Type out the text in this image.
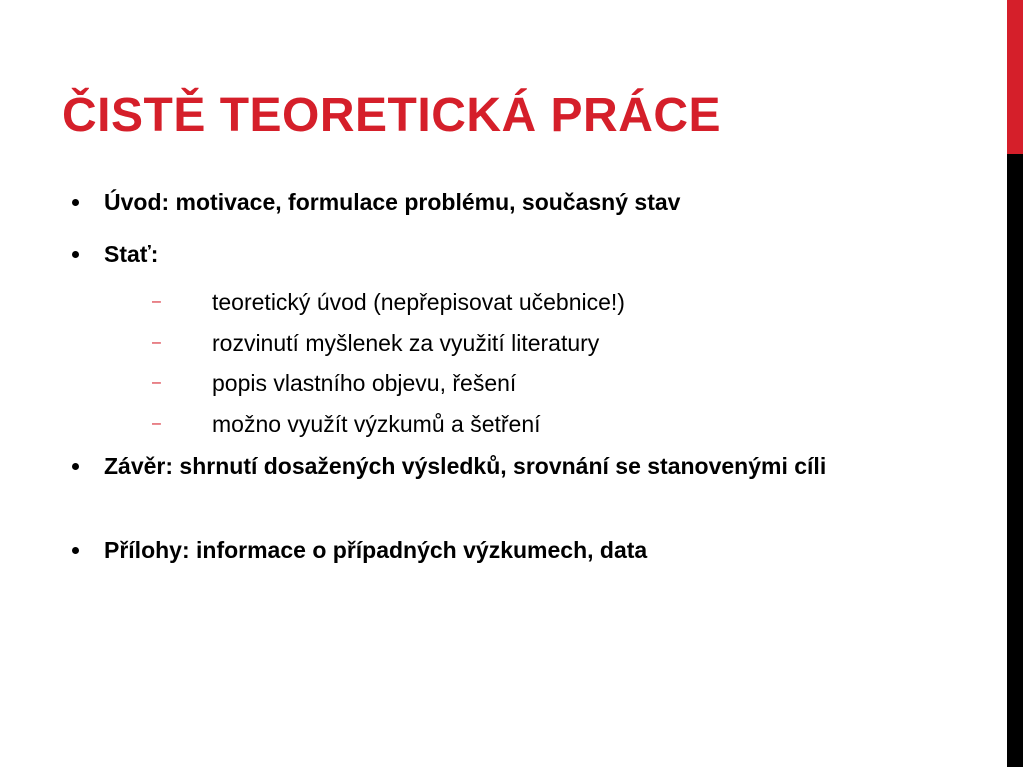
ČISTĚ TEORETICKÁ PRÁCE
Úvod: motivace, formulace problému, současný stav
Stať:
– teoretický úvod (nepřepisovat učebnice!)
– rozvinutí myšlenek za využití literatury
– popis vlastního objevu, řešení
– možno využít výzkumů a šetření
Závěr: shrnutí dosažených výsledků, srovnání se stanovenými cíli
Přílohy: informace o případných výzkumech, data
